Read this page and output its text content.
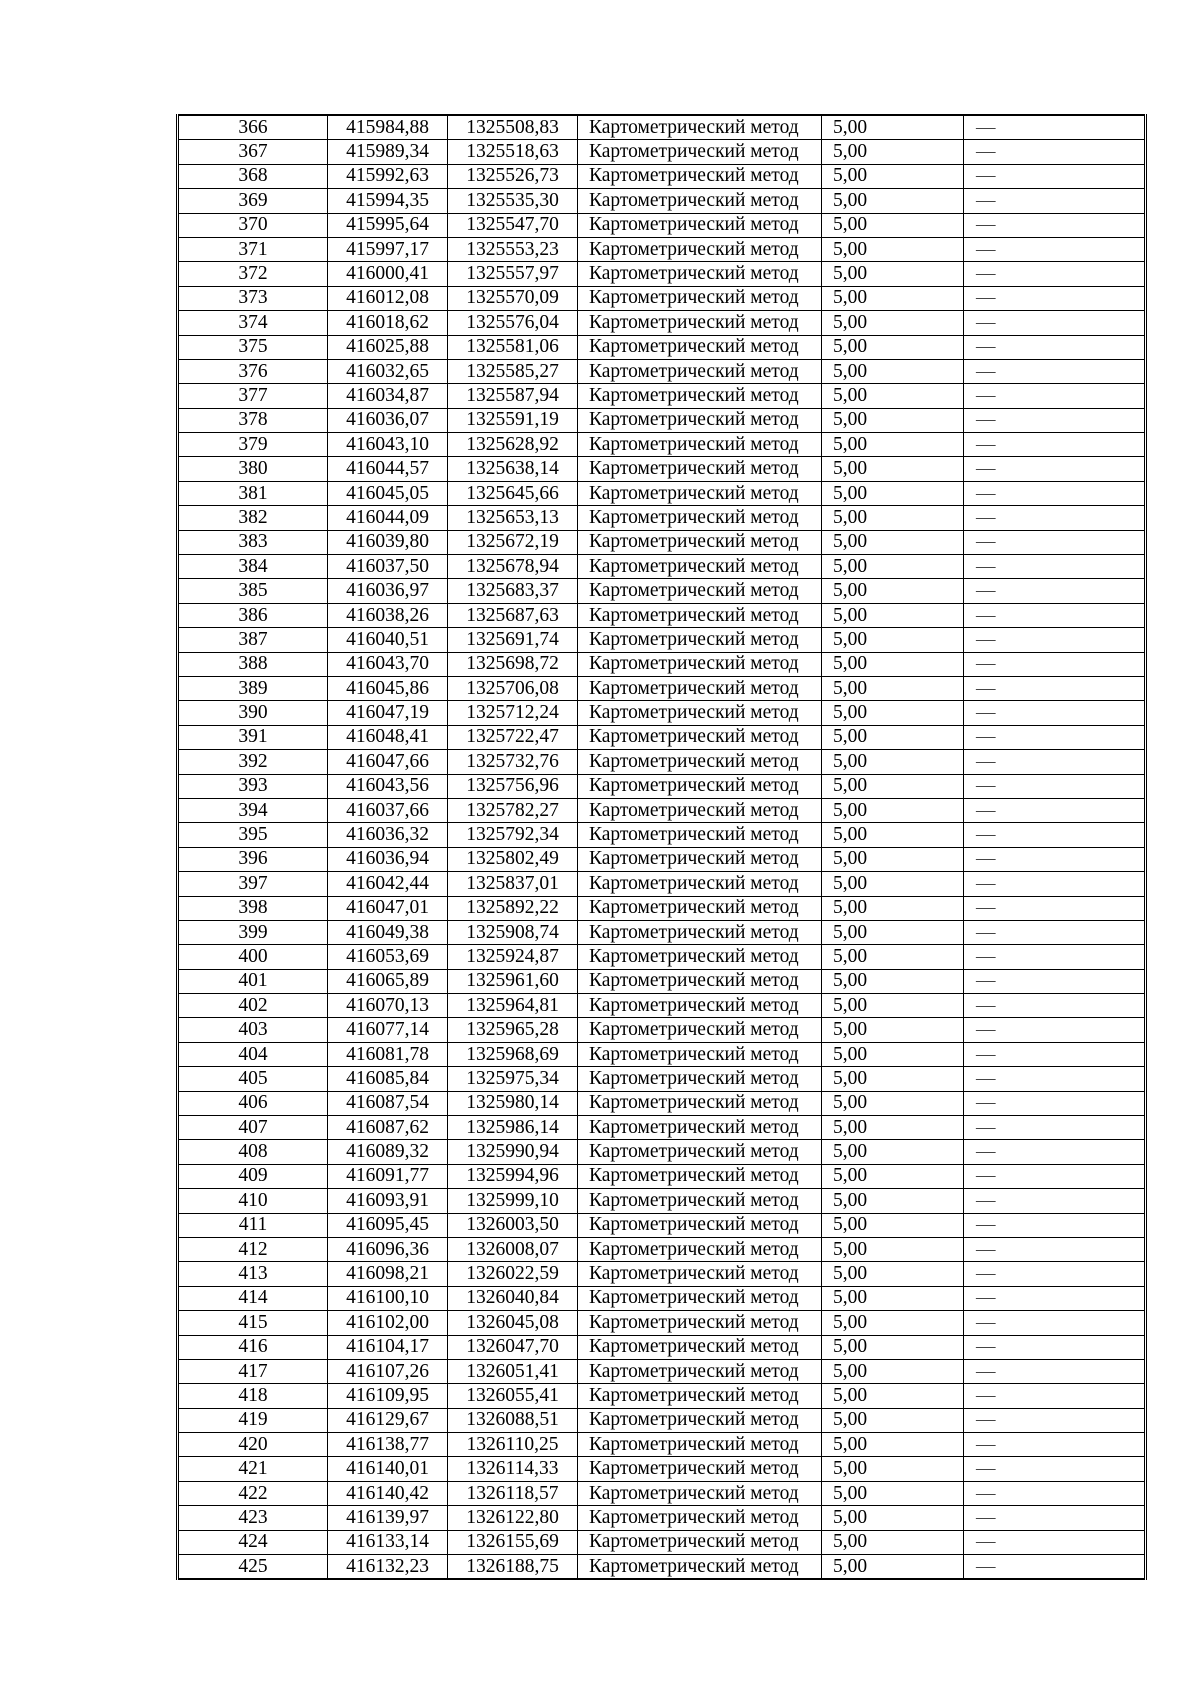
366	415984,88	1325508,83	Картометрический метод	5,00	—
367	415989,34	1325518,63	Картометрический метод	5,00	—
368	415992,63	1325526,73	Картометрический метод	5,00	—
369	415994,35	1325535,30	Картометрический метод	5,00	—
370	415995,64	1325547,70	Картометрический метод	5,00	—
371	415997,17	1325553,23	Картометрический метод	5,00	—
372	416000,41	1325557,97	Картометрический метод	5,00	—
373	416012,08	1325570,09	Картометрический метод	5,00	—
374	416018,62	1325576,04	Картометрический метод	5,00	—
375	416025,88	1325581,06	Картометрический метод	5,00	—
376	416032,65	1325585,27	Картометрический метод	5,00	—
377	416034,87	1325587,94	Картометрический метод	5,00	—
378	416036,07	1325591,19	Картометрический метод	5,00	—
379	416043,10	1325628,92	Картометрический метод	5,00	—
380	416044,57	1325638,14	Картометрический метод	5,00	—
381	416045,05	1325645,66	Картометрический метод	5,00	—
382	416044,09	1325653,13	Картометрический метод	5,00	—
383	416039,80	1325672,19	Картометрический метод	5,00	—
384	416037,50	1325678,94	Картометрический метод	5,00	—
385	416036,97	1325683,37	Картометрический метод	5,00	—
386	416038,26	1325687,63	Картометрический метод	5,00	—
387	416040,51	1325691,74	Картометрический метод	5,00	—
388	416043,70	1325698,72	Картометрический метод	5,00	—
389	416045,86	1325706,08	Картометрический метод	5,00	—
390	416047,19	1325712,24	Картометрический метод	5,00	—
391	416048,41	1325722,47	Картометрический метод	5,00	—
392	416047,66	1325732,76	Картометрический метод	5,00	—
393	416043,56	1325756,96	Картометрический метод	5,00	—
394	416037,66	1325782,27	Картометрический метод	5,00	—
395	416036,32	1325792,34	Картометрический метод	5,00	—
396	416036,94	1325802,49	Картометрический метод	5,00	—
397	416042,44	1325837,01	Картометрический метод	5,00	—
398	416047,01	1325892,22	Картометрический метод	5,00	—
399	416049,38	1325908,74	Картометрический метод	5,00	—
400	416053,69	1325924,87	Картометрический метод	5,00	—
401	416065,89	1325961,60	Картометрический метод	5,00	—
402	416070,13	1325964,81	Картометрический метод	5,00	—
403	416077,14	1325965,28	Картометрический метод	5,00	—
404	416081,78	1325968,69	Картометрический метод	5,00	—
405	416085,84	1325975,34	Картометрический метод	5,00	—
406	416087,54	1325980,14	Картометрический метод	5,00	—
407	416087,62	1325986,14	Картометрический метод	5,00	—
408	416089,32	1325990,94	Картометрический метод	5,00	—
409	416091,77	1325994,96	Картометрический метод	5,00	—
410	416093,91	1325999,10	Картометрический метод	5,00	—
411	416095,45	1326003,50	Картометрический метод	5,00	—
412	416096,36	1326008,07	Картометрический метод	5,00	—
413	416098,21	1326022,59	Картометрический метод	5,00	—
414	416100,10	1326040,84	Картометрический метод	5,00	—
415	416102,00	1326045,08	Картометрический метод	5,00	—
416	416104,17	1326047,70	Картометрический метод	5,00	—
417	416107,26	1326051,41	Картометрический метод	5,00	—
418	416109,95	1326055,41	Картометрический метод	5,00	—
419	416129,67	1326088,51	Картометрический метод	5,00	—
420	416138,77	1326110,25	Картометрический метод	5,00	—
421	416140,01	1326114,33	Картометрический метод	5,00	—
422	416140,42	1326118,57	Картометрический метод	5,00	—
423	416139,97	1326122,80	Картометрический метод	5,00	—
424	416133,14	1326155,69	Картометрический метод	5,00	—
425	416132,23	1326188,75	Картометрический метод	5,00	—
